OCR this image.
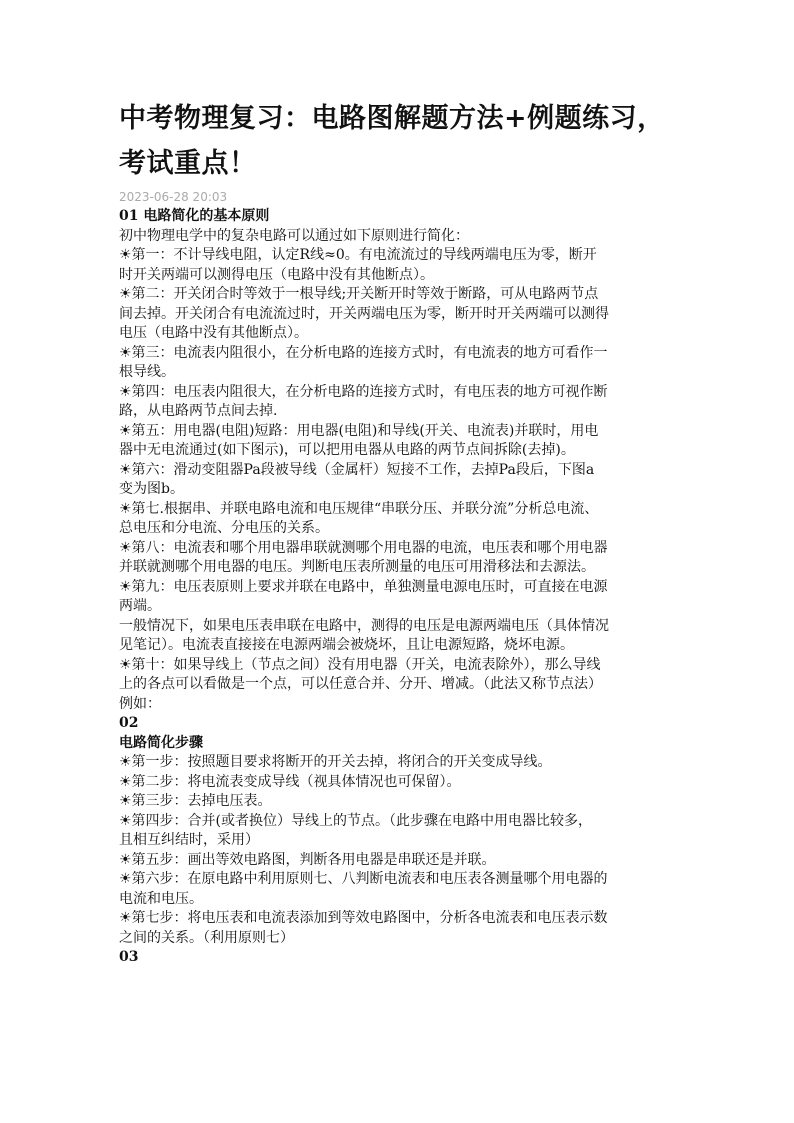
中考物理复习：电路图解题方法+例题练习，
考试重点！
2023-06-28 20:03
01 电路简化的基本原则
初中物理电学中的复杂电路可以通过如下原则进行简化：
☀第一：不计导线电阻，认定R线≈0。有电流流过的导线两端电压为零，断开
时开关两端可以测得电压（电路中没有其他断点）。
☀第二：开关闭合时等效于一根导线;开关断开时等效于断路，可从电路两节点
间去掉。开关闭合有电流流过时，开关两端电压为零，断开时开关两端可以测得
电压（电路中没有其他断点）。
☀第三：电流表内阻很小，在分析电路的连接方式时，有电流表的地方可看作一
根导线。
☀第四：电压表内阻很大，在分析电路的连接方式时，有电压表的地方可视作断
路，从电路两节点间去掉.
☀第五：用电器(电阻)短路：用电器(电阻)和导线(开关、电流表)并联时，用电
器中无电流通过(如下图示)，可以把用电器从电路的两节点间拆除(去掉)。
☀第六：滑动变阻器Pa段被导线（金属杆）短接不工作，去掉Pa段后，下图a
变为图b。
☀第七.根据串、并联电路电流和电压规律“串联分压、并联分流”分析总电流、
总电压和分电流、分电压的关系。
☀第八：电流表和哪个用电器串联就测哪个用电器的电流，电压表和哪个用电器
并联就测哪个用电器的电压。判断电压表所测量的电压可用滑移法和去源法。
☀第九：电压表原则上要求并联在电路中，单独测量电源电压时，可直接在电源
两端。
一般情况下，如果电压表串联在电路中，测得的电压是电源两端电压（具体情况
见笔记）。电流表直接接在电源两端会被烧坏，且让电源短路，烧坏电源。
☀第十：如果导线上（节点之间）没有用电器（开关，电流表除外），那么导线
上的各点可以看做是一个点，可以任意合并、分开、增减。（此法又称节点法）
例如：
02
电路简化步骤
☀第一步：按照题目要求将断开的开关去掉，将闭合的开关变成导线。
☀第二步：将电流表变成导线（视具体情况也可保留）。
☀第三步：去掉电压表。
☀第四步：合并(或者换位）导线上的节点。（此步骤在电路中用电器比较多，
且相互纠结时，采用）
☀第五步：画出等效电路图，判断各用电器是串联还是并联。
☀第六步：在原电路中利用原则七、八判断电流表和电压表各测量哪个用电器的
电流和电压。
☀第七步：将电压表和电流表添加到等效电路图中，分析各电流表和电压表示数
之间的关系。（利用原则七）
03
